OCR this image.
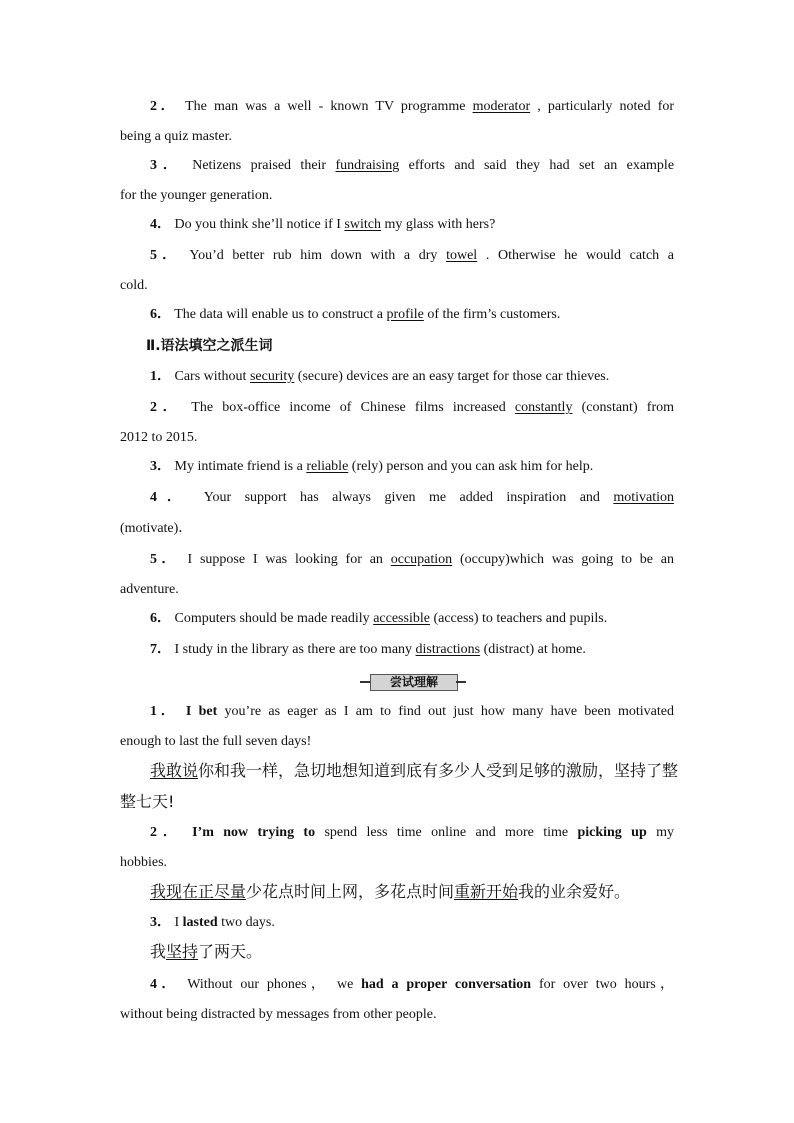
2． The man was a well - known TV programme moderator , particularly noted for
being a quiz master.
3． Netizens praised their fundraising efforts and said they had set an example
for the younger generation.
4． Do you think she’ll notice if I switch my glass with hers?
5． You’d better rub him down with a dry towel . Otherwise he would catch a
cold.
6． The data will enable us to construct a profile of the firm’s customers.
Ⅱ.语法填空之派生词
1． Cars without security (secure) devices are an easy target for those car thieves.
2． The box-office income of Chinese films increased constantly (constant) from
2012 to 2015.
3． My intimate friend is a reliable (rely) person and you can ask him for help.
4． Your support has always given me added inspiration and motivation
(motivate)．
5． I suppose I was looking for an occupation (occupy)which was going to be an
adventure.
6． Computers should be made readily accessible (access) to teachers and pupils.
7． I study in the library as there are too many distractions (distract) at home.
尝试理解
1． I bet you’re as eager as I am to find out just how many have been motivated
enough to last the full seven days!
我敢说你和我一样，急切地想知道到底有多少人受到足够的激励，坚持了整
整七天!
2． I’m now trying to spend less time online and more time picking up my
hobbies.
我现在正尽量少花点时间上网，多花点时间重新开始我的业余爱好。
3． I lasted two days.
我坚持了两天。
4． Without our phones， we had a proper conversation for over two hours，
without being distracted by messages from other people.
